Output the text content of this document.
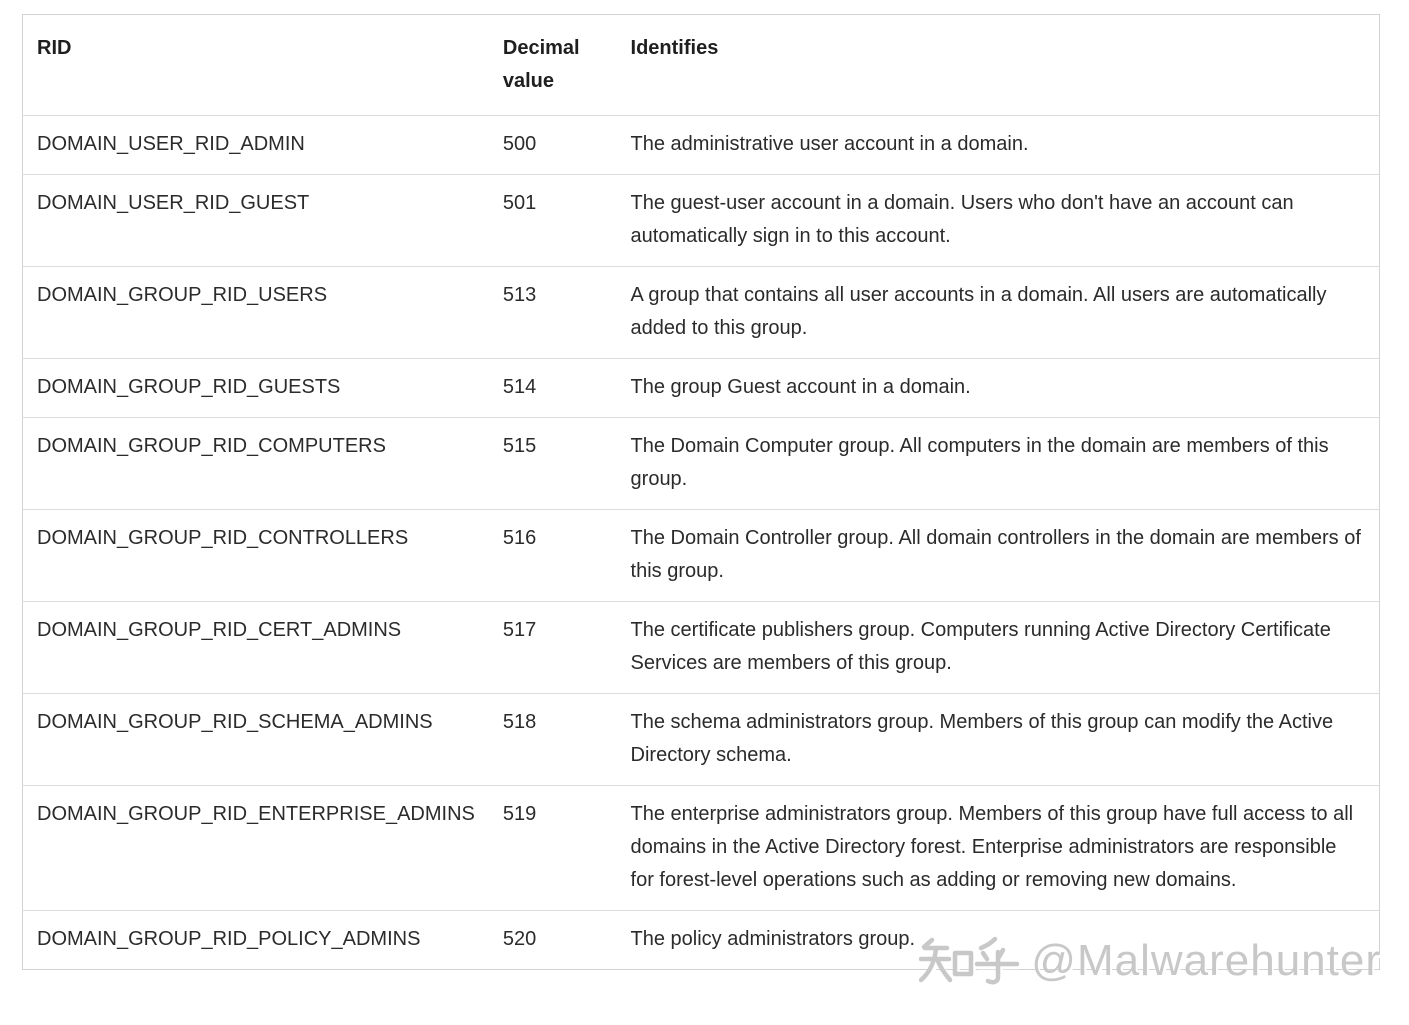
RID	Decimal value	Identifies
DOMAIN_USER_RID_ADMIN	500	The administrative user account in a domain.
DOMAIN_USER_RID_GUEST	501	The guest-user account in a domain. Users who don't have an account can automatically sign in to this account.
DOMAIN_GROUP_RID_USERS	513	A group that contains all user accounts in a domain. All users are automatically added to this group.
DOMAIN_GROUP_RID_GUESTS	514	The group Guest account in a domain.
DOMAIN_GROUP_RID_COMPUTERS	515	The Domain Computer group. All computers in the domain are members of this group.
DOMAIN_GROUP_RID_CONTROLLERS	516	The Domain Controller group. All domain controllers in the domain are members of this group.
DOMAIN_GROUP_RID_CERT_ADMINS	517	The certificate publishers group. Computers running Active Directory Certificate Services are members of this group.
DOMAIN_GROUP_RID_SCHEMA_ADMINS	518	The schema administrators group. Members of this group can modify the Active Directory schema.
DOMAIN_GROUP_RID_ENTERPRISE_ADMINS	519	The enterprise administrators group. Members of this group have full access to all domains in the Active Directory forest. Enterprise administrators are responsible for forest-level operations such as adding or removing new domains.
DOMAIN_GROUP_RID_POLICY_ADMINS	520	The policy administrators group.	@Malwarehunter
